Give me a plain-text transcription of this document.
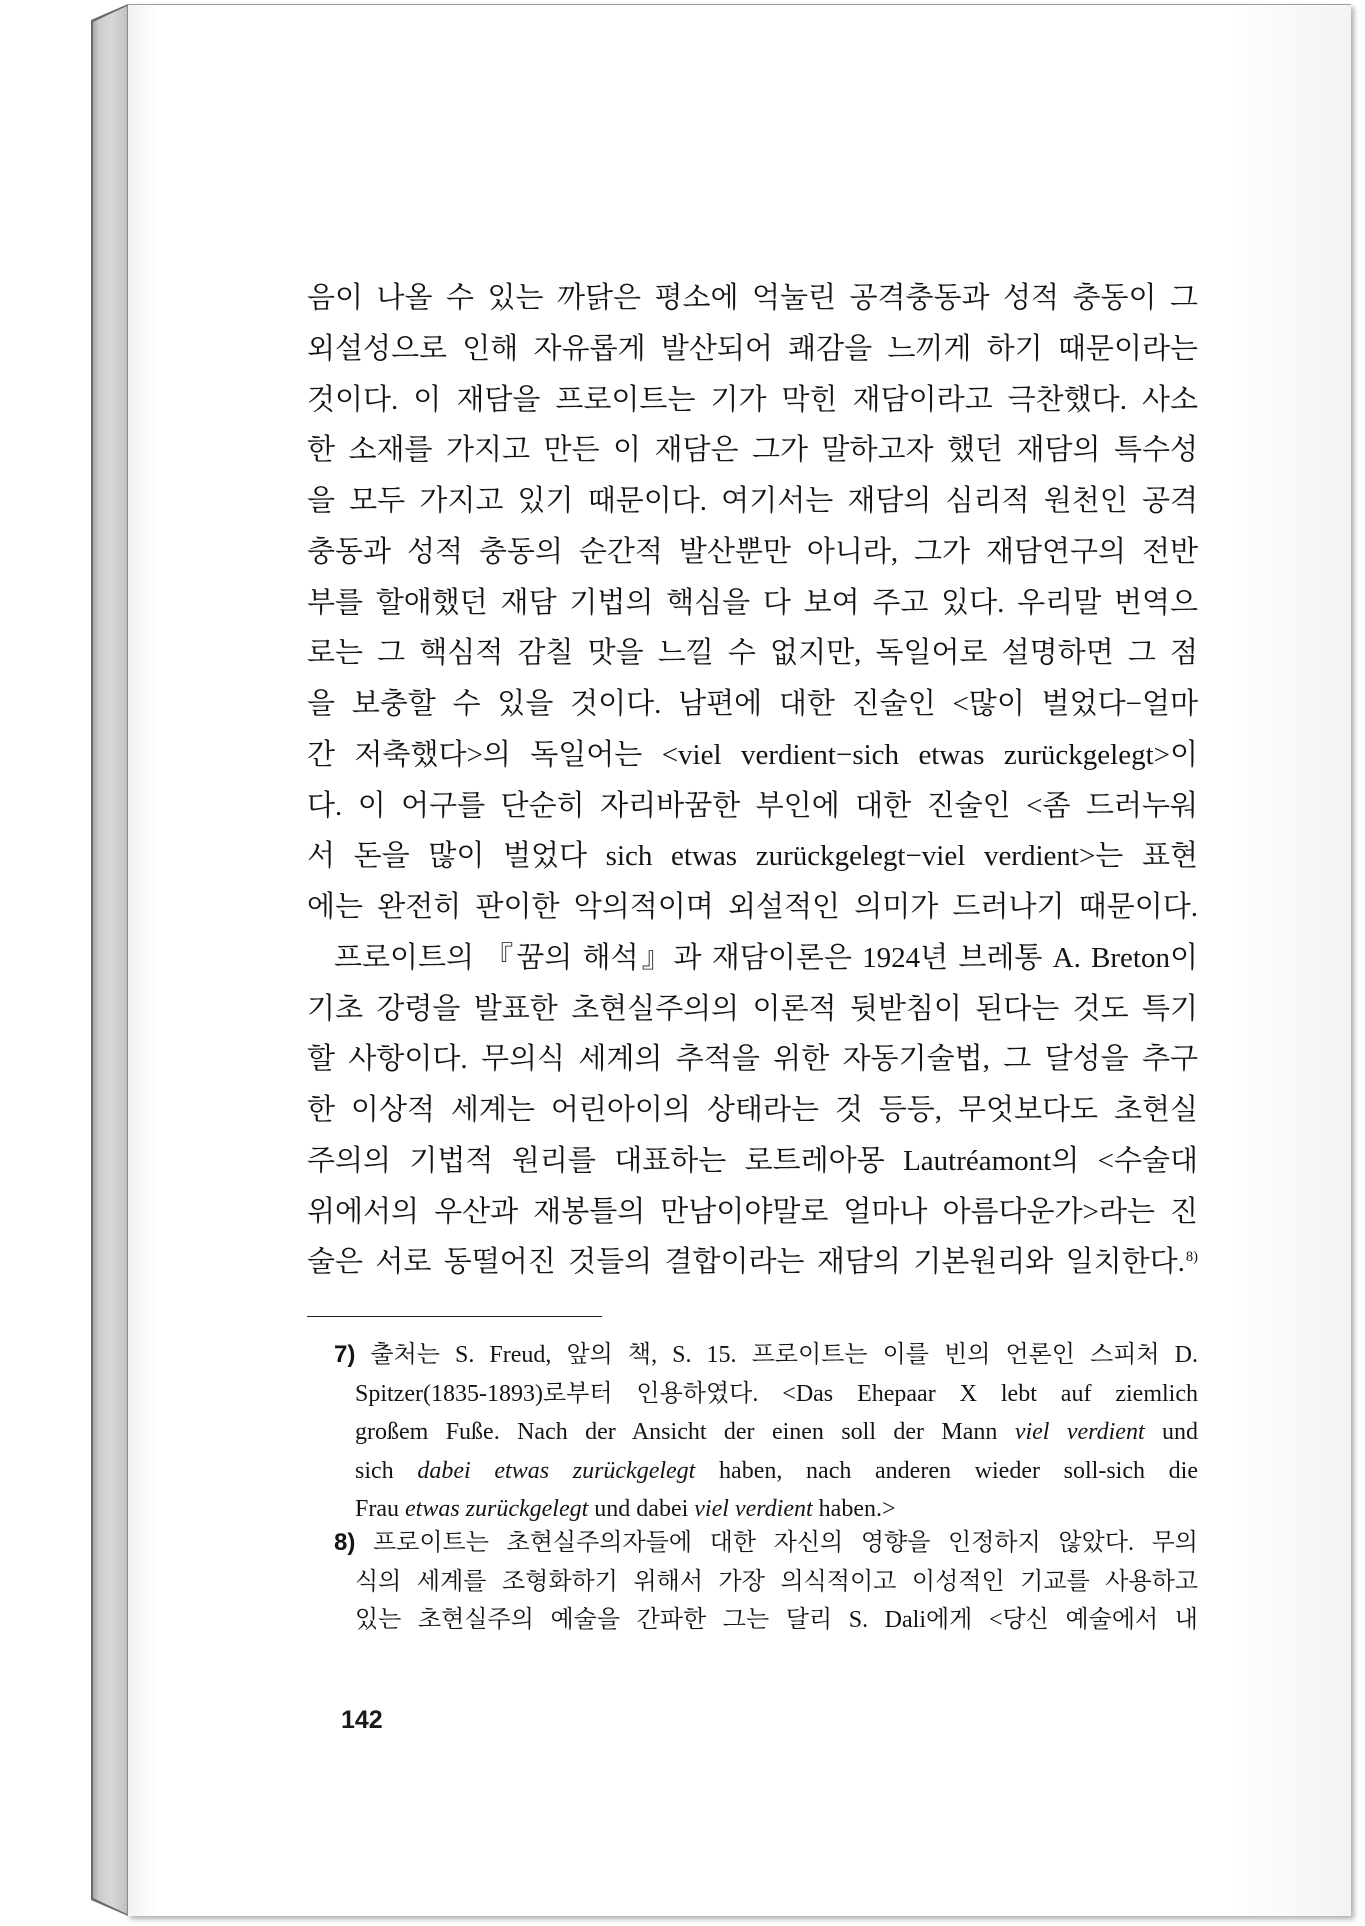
음이 나올 수 있는 까닭은 평소에 억눌린 공격충동과 성적 충동이 그
외설성으로 인해 자유롭게 발산되어 쾌감을 느끼게 하기 때문이라는
것이다. 이 재담을 프로이트는 기가 막힌 재담이라고 극찬했다. 사소
한 소재를 가지고 만든 이 재담은 그가 말하고자 했던 재담의 특수성
을 모두 가지고 있기 때문이다. 여기서는 재담의 심리적 원천인 공격
충동과 성적 충동의 순간적 발산뿐만 아니라, 그가 재담연구의 전반
부를 할애했던 재담 기법의 핵심을 다 보여 주고 있다. 우리말 번역으
로는 그 핵심적 감칠 맛을 느낄 수 없지만, 독일어로 설명하면 그 점
을 보충할 수 있을 것이다. 남편에 대한 진술인 <많이 벌었다−얼마
간 저축했다>의 독일어는 <viel verdient−sich etwas zurückgelegt>이
다. 이 어구를 단순히 자리바꿈한 부인에 대한 진술인 <좀 드러누워
서 돈을 많이 벌었다 sich etwas zurückgelegt−viel verdient>는 표현
에는 완전히 판이한 악의적이며 외설적인 의미가 드러나기 때문이다.
프로이트의 『꿈의 해석』과 재담이론은 1924년 브레통 A. Breton이
기초 강령을 발표한 초현실주의의 이론적 뒷받침이 된다는 것도 특기
할 사항이다. 무의식 세계의 추적을 위한 자동기술법, 그 달성을 추구
한 이상적 세계는 어린아이의 상태라는 것 등등, 무엇보다도 초현실
주의의 기법적 원리를 대표하는 로트레아몽 Lautréamont의 <수술대
위에서의 우산과 재봉틀의 만남이야말로 얼마나 아름다운가>라는 진
술은 서로 동떨어진 것들의 결합이라는 재담의 기본원리와 일치한다.$^{8)}$
7) 출처는 S. Freud, 앞의 책, S. 15. 프로이트는 이를 빈의 언론인 스피처 D.
Spitzer(1835-1893)로부터 인용하였다. <Das Ehepaar X lebt auf ziemlich
großem Fuße. Nach der Ansicht der einen soll der Mann viel verdient und
sich dabei etwas zurückgelegt haben, nach anderen wieder soll-sich die
Frau etwas zurückgelegt und dabei viel verdient haben.>
8) 프로이트는 초현실주의자들에 대한 자신의 영향을 인정하지 않았다. 무의
식의 세계를 조형화하기 위해서 가장 의식적이고 이성적인 기교를 사용하고
있는 초현실주의 예술을 간파한 그는 달리 S. Dali에게 <당신 예술에서 내
142
